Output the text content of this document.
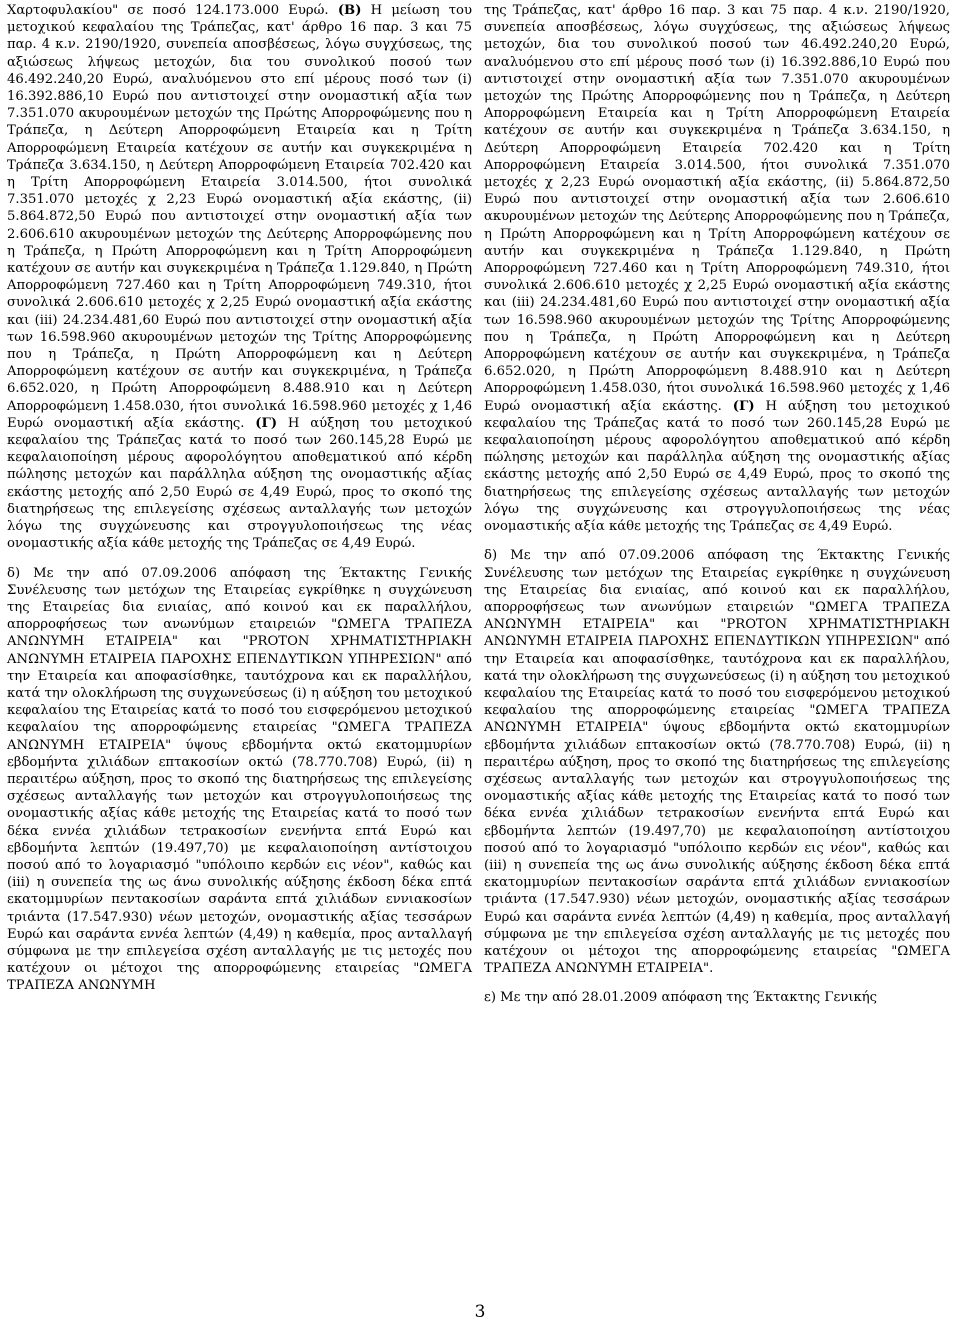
Χαρτοφυλακίου" σε ποσό 124.173.000 Ευρώ. (Β) Η μείωση του μετοχικού κεφαλαίου της Τράπεζας, κατ' άρθρο 16 παρ. 3 και 75 παρ. 4 κ.ν. 2190/1920, συνεπεία αποσβέσεως, λόγω συγχύσεως, της αξιώσεως λήψεως μετοχών, δια του συνολικού ποσού των 46.492.240,20 Ευρώ, αναλυόμενου στο επί μέρους ποσό των (i) 16.392.886,10 Ευρώ που αντιστοιχεί στην ονομαστική αξία των 7.351.070 ακυρουμένων μετοχών της Πρώτης Απορροφώμενης που η Τράπεζα, η Δεύτερη Απορροφώμενη Εταιρεία και η Τρίτη Απορροφώμενη Εταιρεία κατέχουν σε αυτήν και συγκεκριμένα η Τράπεζα 3.634.150, η Δεύτερη Απορροφώμενη Εταιρεία 702.420 και η Τρίτη Απορροφώμενη Εταιρεία 3.014.500, ήτοι συνολικά 7.351.070 μετοχές χ 2,23 Ευρώ ονομαστική αξία εκάστης, (ii) 5.864.872,50 Ευρώ που αντιστοιχεί στην ονομαστική αξία των 2.606.610 ακυρουμένων μετοχών της Δεύτερης Απορροφώμενης που η Τράπεζα, η Πρώτη Απορροφώμενη και η Τρίτη Απορροφώμενη κατέχουν σε αυτήν και συγκεκριμένα η Τράπεζα 1.129.840, η Πρώτη Απορροφώμενη 727.460 και η Τρίτη Απορροφώμενη 749.310, ήτοι συνολικά 2.606.610 μετοχές χ 2,25 Ευρώ ονομαστική αξία εκάστης και (iii) 24.234.481,60 Ευρώ που αντιστοιχεί στην ονομαστική αξία των 16.598.960 ακυρουμένων μετοχών της Τρίτης Απορροφώμενης που η Τράπεζα, η Πρώτη Απορροφώμενη και η Δεύτερη Απορροφώμενη κατέχουν σε αυτήν και συγκεκριμένα, η Τράπεζα 6.652.020, η Πρώτη Απορροφώμενη 8.488.910 και η Δεύτερη Απορροφώμενη 1.458.030, ήτοι συνολικά 16.598.960 μετοχές χ 1,46 Ευρώ ονομαστική αξία εκάστης. (Γ) Η αύξηση του μετοχικού κεφαλαίου της Τράπεζας κατά το ποσό των 260.145,28 Ευρώ με κεφαλαιοποίηση μέρους αφορολόγητου αποθεματικού από κέρδη πώλησης μετοχών και παράλληλα αύξηση της ονομαστικής αξίας εκάστης μετοχής από 2,50 Ευρώ σε 4,49 Ευρώ, προς το σκοπό της διατηρήσεως της επιλεγείσης σχέσεως ανταλλαγής των μετοχών λόγω της συγχώνευσης και στρογγυλοποιήσεως της νέας ονομαστικής αξία κάθε μετοχής της Τράπεζας σε 4,49 Ευρώ.

δ) Με την από 07.09.2006 απόφαση της Έκτακτης Γενικής Συνέλευσης των μετόχων της Εταιρείας εγκρίθηκε η συγχώνευση της Εταιρείας δια ενιαίας, από κοινού και εκ παραλλήλου, απορροφήσεως των ανωνύμων εταιρειών "ΩΜΕΓΑ ΤΡΑΠΕΖΑ ΑΝΩΝΥΜΗ ΕΤΑΙΡΕΙΑ" και "PROTON ΧΡΗΜΑΤΙΣΤΗΡΙΑΚΗ ΑΝΩΝΥΜΗ ΕΤΑΙΡΕΙΑ ΠΑΡΟΧΗΣ ΕΠΕΝΔΥΤΙΚΩΝ ΥΠΗΡΕΣΙΩΝ" από την Εταιρεία και αποφασίσθηκε, ταυτόχρονα και εκ παραλλήλου, κατά την ολοκλήρωση της συγχωνεύσεως (i) η αύξηση του μετοχικού κεφαλαίου της Εταιρείας κατά το ποσό του εισφερόμενου μετοχικού κεφαλαίου της απορροφώμενης εταιρείας "ΩΜΕΓΑ ΤΡΑΠΕΖΑ ΑΝΩΝΥΜΗ ΕΤΑΙΡΕΙΑ" ύψους εβδομήντα οκτώ εκατομμυρίων εβδομήντα χιλιάδων επτακοσίων οκτώ (78.770.708) Ευρώ, (ii) η περαιτέρω αύξηση, προς το σκοπό της διατηρήσεως της επιλεγείσης σχέσεως ανταλλαγής των μετοχών και στρογγυλοποιήσεως της ονομαστικής αξίας κάθε μετοχής της Εταιρείας κατά το ποσό των δέκα εννέα χιλιάδων τετρακοσίων ενενήντα επτά Ευρώ και εβδομήντα λεπτών (19.497,70) με κεφαλαιοποίηση αντίστοιχου ποσού από το λογαριασμό "υπόλοιπο κερδών εις νέον", καθώς και (iii) η συνεπεία της ως άνω συνολικής αύξησης έκδοση δέκα επτά εκατομμυρίων πεντακοσίων σαράντα επτά χιλιάδων εννιακοσίων τριάντα (17.547.930) νέων μετοχών, ονομαστικής αξίας τεσσάρων Ευρώ και σαράντα εννέα λεπτών (4,49) η καθεμία, προς ανταλλαγή σύμφωνα με την επιλεγείσα σχέση ανταλλαγής με τις μετοχές που κατέχουν οι μέτοχοι της απορροφώμενης εταιρείας "ΩΜΕΓΑ ΤΡΑΠΕΖΑ ΑΝΩΝΥΜΗ

της Τράπεζας, κατ' άρθρο 16 παρ. 3 και 75 παρ. 4 κ.ν. 2190/1920, συνεπεία αποσβέσεως, λόγω συγχύσεως, της αξιώσεως λήψεως μετοχών, δια του συνολικού ποσού των 46.492.240,20 Ευρώ, αναλυόμενου στο επί μέρους ποσό των (i) 16.392.886,10 Ευρώ που αντιστοιχεί στην ονομαστική αξία των 7.351.070 ακυρουμένων μετοχών της Πρώτης Απορροφώμενης που η Τράπεζα, η Δεύτερη Απορροφώμενη Εταιρεία και η Τρίτη Απορροφώμενη Εταιρεία κατέχουν σε αυτήν και συγκεκριμένα η Τράπεζα 3.634.150, η Δεύτερη Απορροφώμενη Εταιρεία 702.420 και η Τρίτη Απορροφώμενη Εταιρεία 3.014.500, ήτοι συνολικά 7.351.070 μετοχές χ 2,23 Ευρώ ονομαστική αξία εκάστης, (ii) 5.864.872,50 Ευρώ που αντιστοιχεί στην ονομαστική αξία των 2.606.610 ακυρουμένων μετοχών της Δεύτερης Απορροφώμενης που η Τράπεζα, η Πρώτη Απορροφώμενη και η Τρίτη Απορροφώμενη κατέχουν σε αυτήν και συγκεκριμένα η Τράπεζα 1.129.840, η Πρώτη Απορροφώμενη 727.460 και η Τρίτη Απορροφώμενη 749.310, ήτοι συνολικά 2.606.610 μετοχές χ 2,25 Ευρώ ονομαστική αξία εκάστης και (iii) 24.234.481,60 Ευρώ που αντιστοιχεί στην ονομαστική αξία των 16.598.960 ακυρουμένων μετοχών της Τρίτης Απορροφώμενης που η Τράπεζα, η Πρώτη Απορροφώμενη και η Δεύτερη Απορροφώμενη κατέχουν σε αυτήν και συγκεκριμένα, η Τράπεζα 6.652.020, η Πρώτη Απορροφώμενη 8.488.910 και η Δεύτερη Απορροφώμενη 1.458.030, ήτοι συνολικά 16.598.960 μετοχές χ 1,46 Ευρώ ονομαστική αξία εκάστης. (Γ) Η αύξηση του μετοχικού κεφαλαίου της Τράπεζας κατά το ποσό των 260.145,28 Ευρώ με κεφαλαιοποίηση μέρους αφορολόγητου αποθεματικού από κέρδη πώλησης μετοχών και παράλληλα αύξηση της ονομαστικής αξίας εκάστης μετοχής από 2,50 Ευρώ σε 4,49 Ευρώ, προς το σκοπό της διατηρήσεως της επιλεγείσης σχέσεως ανταλλαγής των μετοχών λόγω της συγχώνευσης και στρογγυλοποιήσεως της νέας ονομαστικής αξία κάθε μετοχής της Τράπεζας σε 4,49 Ευρώ.

δ) Με την από 07.09.2006 απόφαση της Έκτακτης Γενικής Συνέλευσης των μετόχων της Εταιρείας εγκρίθηκε η συγχώνευση της Εταιρείας δια ενιαίας, από κοινού και εκ παραλλήλου, απορροφήσεως των ανωνύμων εταιρειών "ΩΜΕΓΑ ΤΡΑΠΕΖΑ ΑΝΩΝΥΜΗ ΕΤΑΙΡΕΙΑ" και "PROTON ΧΡΗΜΑΤΙΣΤΗΡΙΑΚΗ ΑΝΩΝΥΜΗ ΕΤΑΙΡΕΙΑ ΠΑΡΟΧΗΣ ΕΠΕΝΔΥΤΙΚΩΝ ΥΠΗΡΕΣΙΩΝ" από την Εταιρεία και αποφασίσθηκε, ταυτόχρονα και εκ παραλλήλου, κατά την ολοκλήρωση της συγχωνεύσεως (i) η αύξηση του μετοχικού κεφαλαίου της Εταιρείας κατά το ποσό του εισφερόμενου μετοχικού κεφαλαίου της απορροφώμενης εταιρείας "ΩΜΕΓΑ ΤΡΑΠΕΖΑ ΑΝΩΝΥΜΗ ΕΤΑΙΡΕΙΑ" ύψους εβδομήντα οκτώ εκατομμυρίων εβδομήντα χιλιάδων επτακοσίων οκτώ (78.770.708) Ευρώ, (ii) η περαιτέρω αύξηση, προς το σκοπό της διατηρήσεως της επιλεγείσης σχέσεως ανταλλαγής των μετοχών και στρογγυλοποιήσεως της ονομαστικής αξίας κάθε μετοχής της Εταιρείας κατά το ποσό των δέκα εννέα χιλιάδων τετρακοσίων ενενήντα επτά Ευρώ και εβδομήντα λεπτών (19.497,70) με κεφαλαιοποίηση αντίστοιχου ποσού από το λογαριασμό "υπόλοιπο κερδών εις νέον", καθώς και (iii) η συνεπεία της ως άνω συνολικής αύξησης έκδοση δέκα επτά εκατομμυρίων πεντακοσίων σαράντα επτά χιλιάδων εννιακοσίων τριάντα (17.547.930) νέων μετοχών, ονομαστικής αξίας τεσσάρων Ευρώ και σαράντα εννέα λεπτών (4,49) η καθεμία, προς ανταλλαγή σύμφωνα με την επιλεγείσα σχέση ανταλλαγής με τις μετοχές που κατέχουν οι μέτοχοι της απορροφώμενης εταιρείας "ΩΜΕΓΑ ΤΡΑΠΕΖΑ ΑΝΩΝΥΜΗ ΕΤΑΙΡΕΙΑ".

ε) Με την από 28.01.2009 απόφαση της Έκτακτης Γενικής

3
